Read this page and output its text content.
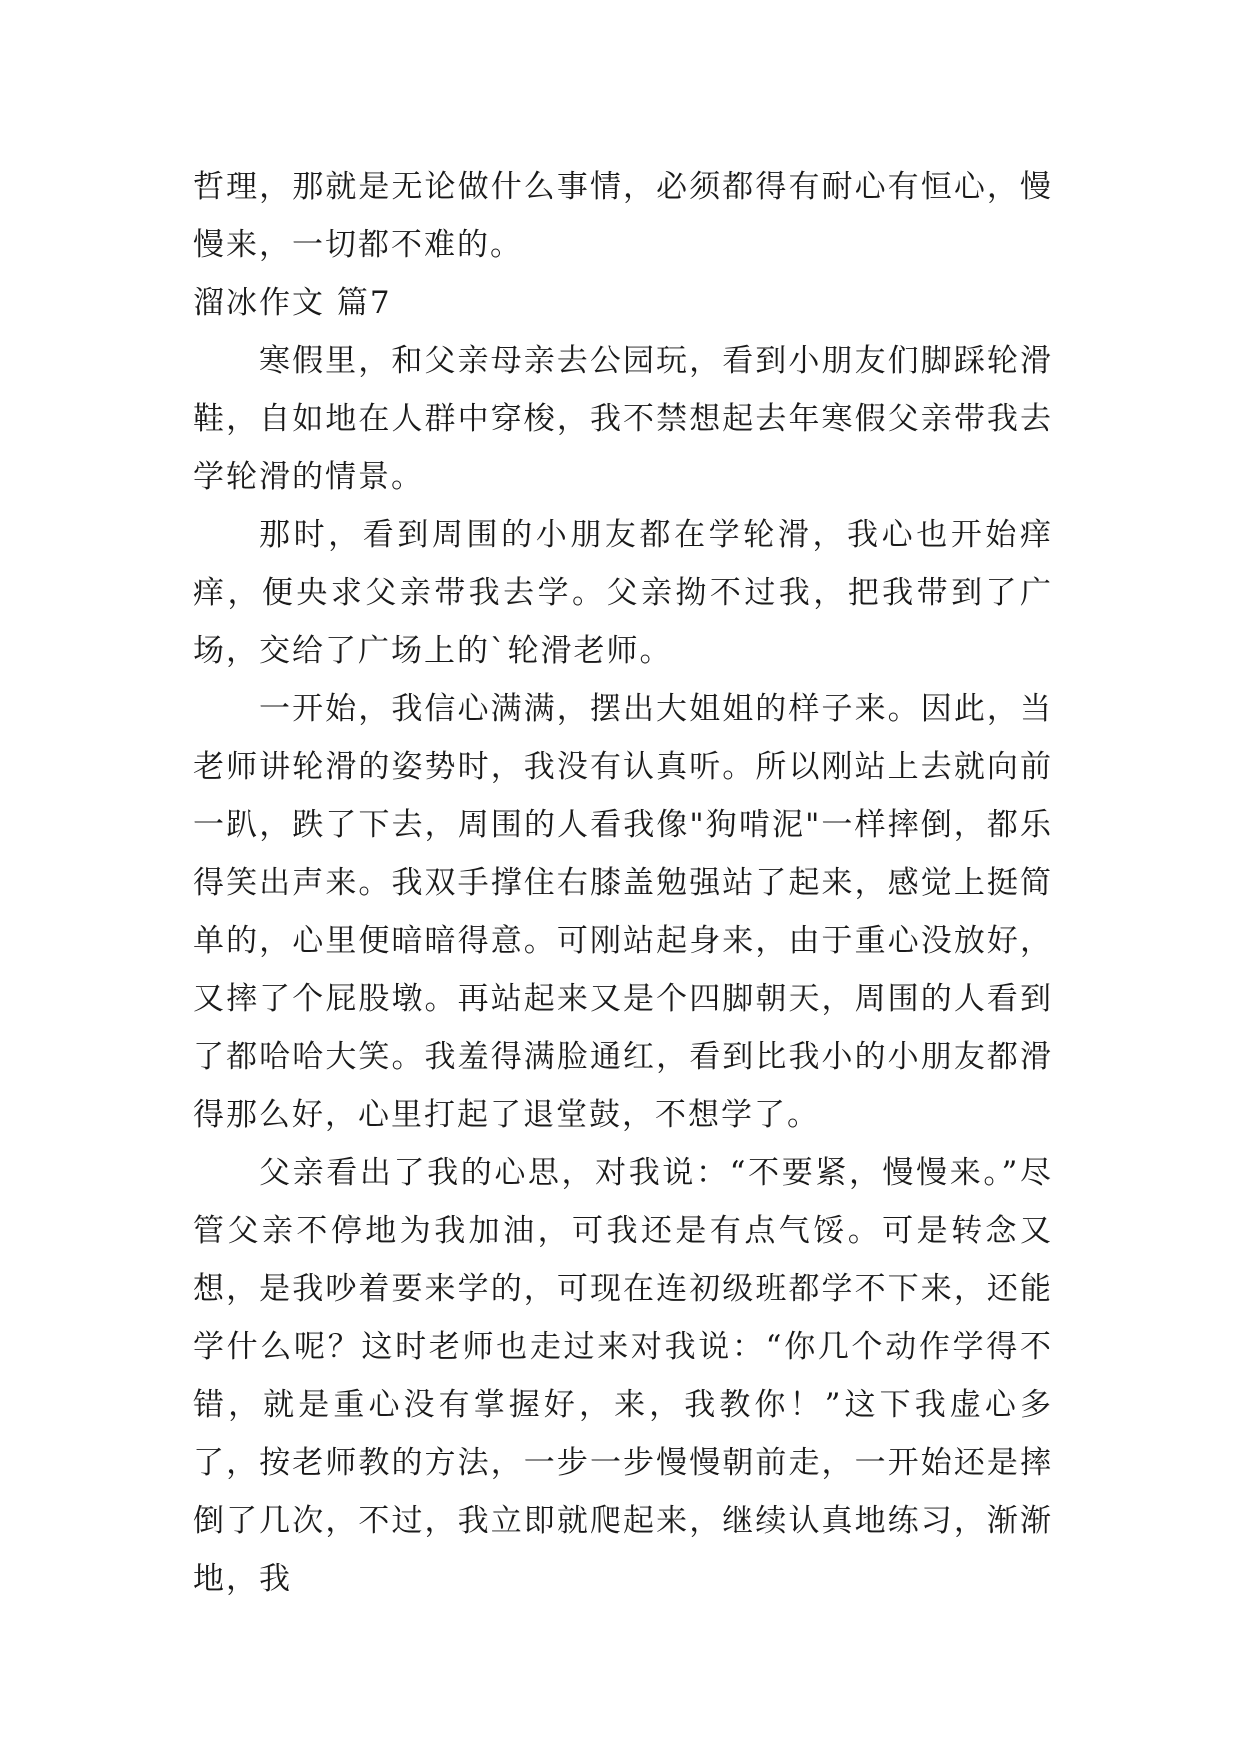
哲理，那就是无论做什么事情，必须都得有耐心有恒心，慢慢来，一切都不难的。

溜冰作文 篇7

寒假里，和父亲母亲去公园玩，看到小朋友们脚踩轮滑鞋，自如地在人群中穿梭，我不禁想起去年寒假父亲带我去学轮滑的情景。

那时，看到周围的小朋友都在学轮滑，我心也开始痒痒，便央求父亲带我去学。父亲拗不过我，把我带到了广场，交给了广场上的`轮滑老师。

一开始，我信心满满，摆出大姐姐的样子来。因此，当老师讲轮滑的姿势时，我没有认真听。所以刚站上去就向前一趴，跌了下去，周围的人看我像"狗啃泥"一样摔倒，都乐得笑出声来。我双手撑住右膝盖勉强站了起来，感觉上挺简单的，心里便暗暗得意。可刚站起身来，由于重心没放好，又摔了个屁股墩。再站起来又是个四脚朝天，周围的人看到了都哈哈大笑。我羞得满脸通红，看到比我小的小朋友都滑得那么好，心里打起了退堂鼓，不想学了。

父亲看出了我的心思，对我说：“不要紧，慢慢来。”尽管父亲不停地为我加油，可我还是有点气馁。可是转念又想，是我吵着要来学的，可现在连初级班都学不下来，还能学什么呢？这时老师也走过来对我说：“你几个动作学得不错，就是重心没有掌握好，来，我教你！”这下我虚心多了，按老师教的方法，一步一步慢慢朝前走，一开始还是摔倒了几次，不过，我立即就爬起来，继续认真地练习，渐渐地，我
